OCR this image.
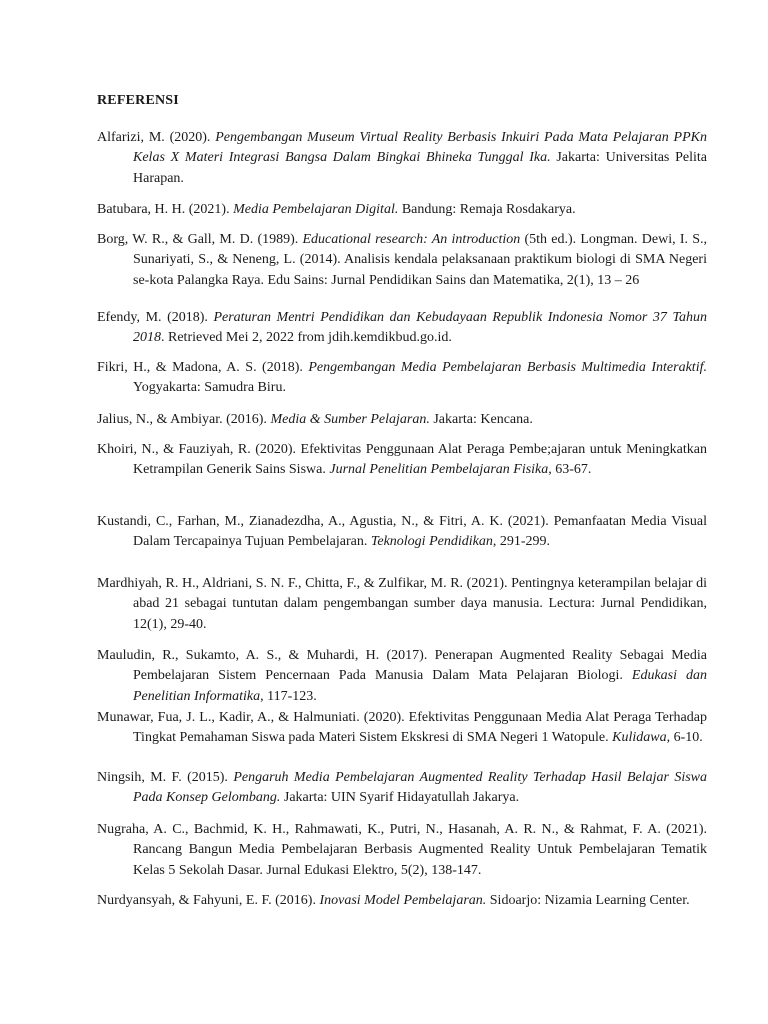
REFERENSI

Alfarizi, M. (2020). Pengembangan Museum Virtual Reality Berbasis Inkuiri Pada Mata Pelajaran PPKn Kelas X Materi Integrasi Bangsa Dalam Bingkai Bhineka Tunggal Ika. Jakarta: Universitas Pelita Harapan.

Batubara, H. H. (2021). Media Pembelajaran Digital. Bandung: Remaja Rosdakarya.

Borg, W. R., & Gall, M. D. (1989). Educational research: An introduction (5th ed.). Longman. Dewi, I. S., Sunariyati, S., & Neneng, L. (2014). Analisis kendala pelaksanaan praktikum biologi di SMA Negeri se-kota Palangka Raya. Edu Sains: Jurnal Pendidikan Sains dan Matematika, 2(1), 13 – 26

Efendy, M. (2018). Peraturan Mentri Pendidikan dan Kebudayaan Republik Indonesia Nomor 37 Tahun 2018. Retrieved Mei 2, 2022 from jdih.kemdikbud.go.id.

Fikri, H., & Madona, A. S. (2018). Pengembangan Media Pembelajaran Berbasis Multimedia Interaktif. Yogyakarta: Samudra Biru.

Jalius, N., & Ambiyar. (2016). Media & Sumber Pelajaran. Jakarta: Kencana.

Khoiri, N., & Fauziyah, R. (2020). Efektivitas Penggunaan Alat Peraga Pembe;ajaran untuk Meningkatkan Ketrampilan Generik Sains Siswa. Jurnal Penelitian Pembelajaran Fisika, 63-67.

Kustandi, C., Farhan, M., Zianadezdha, A., Agustia, N., & Fitri, A. K. (2021). Pemanfaatan Media Visual Dalam Tercapainya Tujuan Pembelajaran. Teknologi Pendidikan, 291-299.

Mardhiyah, R. H., Aldriani, S. N. F., Chitta, F., & Zulfikar, M. R. (2021). Pentingnya keterampilan belajar di abad 21 sebagai tuntutan dalam pengembangan sumber daya manusia. Lectura: Jurnal Pendidikan, 12(1), 29-40.

Mauludin, R., Sukamto, A. S., & Muhardi, H. (2017). Penerapan Augmented Reality Sebagai Media Pembelajaran Sistem Pencernaan Pada Manusia Dalam Mata Pelajaran Biologi. Edukasi dan Penelitian Informatika, 117-123.

Munawar, Fua, J. L., Kadir, A., & Halmuniati. (2020). Efektivitas Penggunaan Media Alat Peraga Terhadap Tingkat Pemahaman Siswa pada Materi Sistem Ekskresi di SMA Negeri 1 Watopule. Kulidawa, 6-10.

Ningsih, M. F. (2015). Pengaruh Media Pembelajaran Augmented Reality Terhadap Hasil Belajar Siswa Pada Konsep Gelombang. Jakarta: UIN Syarif Hidayatullah Jakarya.

Nugraha, A. C., Bachmid, K. H., Rahmawati, K., Putri, N., Hasanah, A. R. N., & Rahmat, F. A. (2021). Rancang Bangun Media Pembelajaran Berbasis Augmented Reality Untuk Pembelajaran Tematik Kelas 5 Sekolah Dasar. Jurnal Edukasi Elektro, 5(2), 138-147.

Nurdyansyah, & Fahyuni, E. F. (2016). Inovasi Model Pembelajaran. Sidoarjo: Nizamia Learning Center.
